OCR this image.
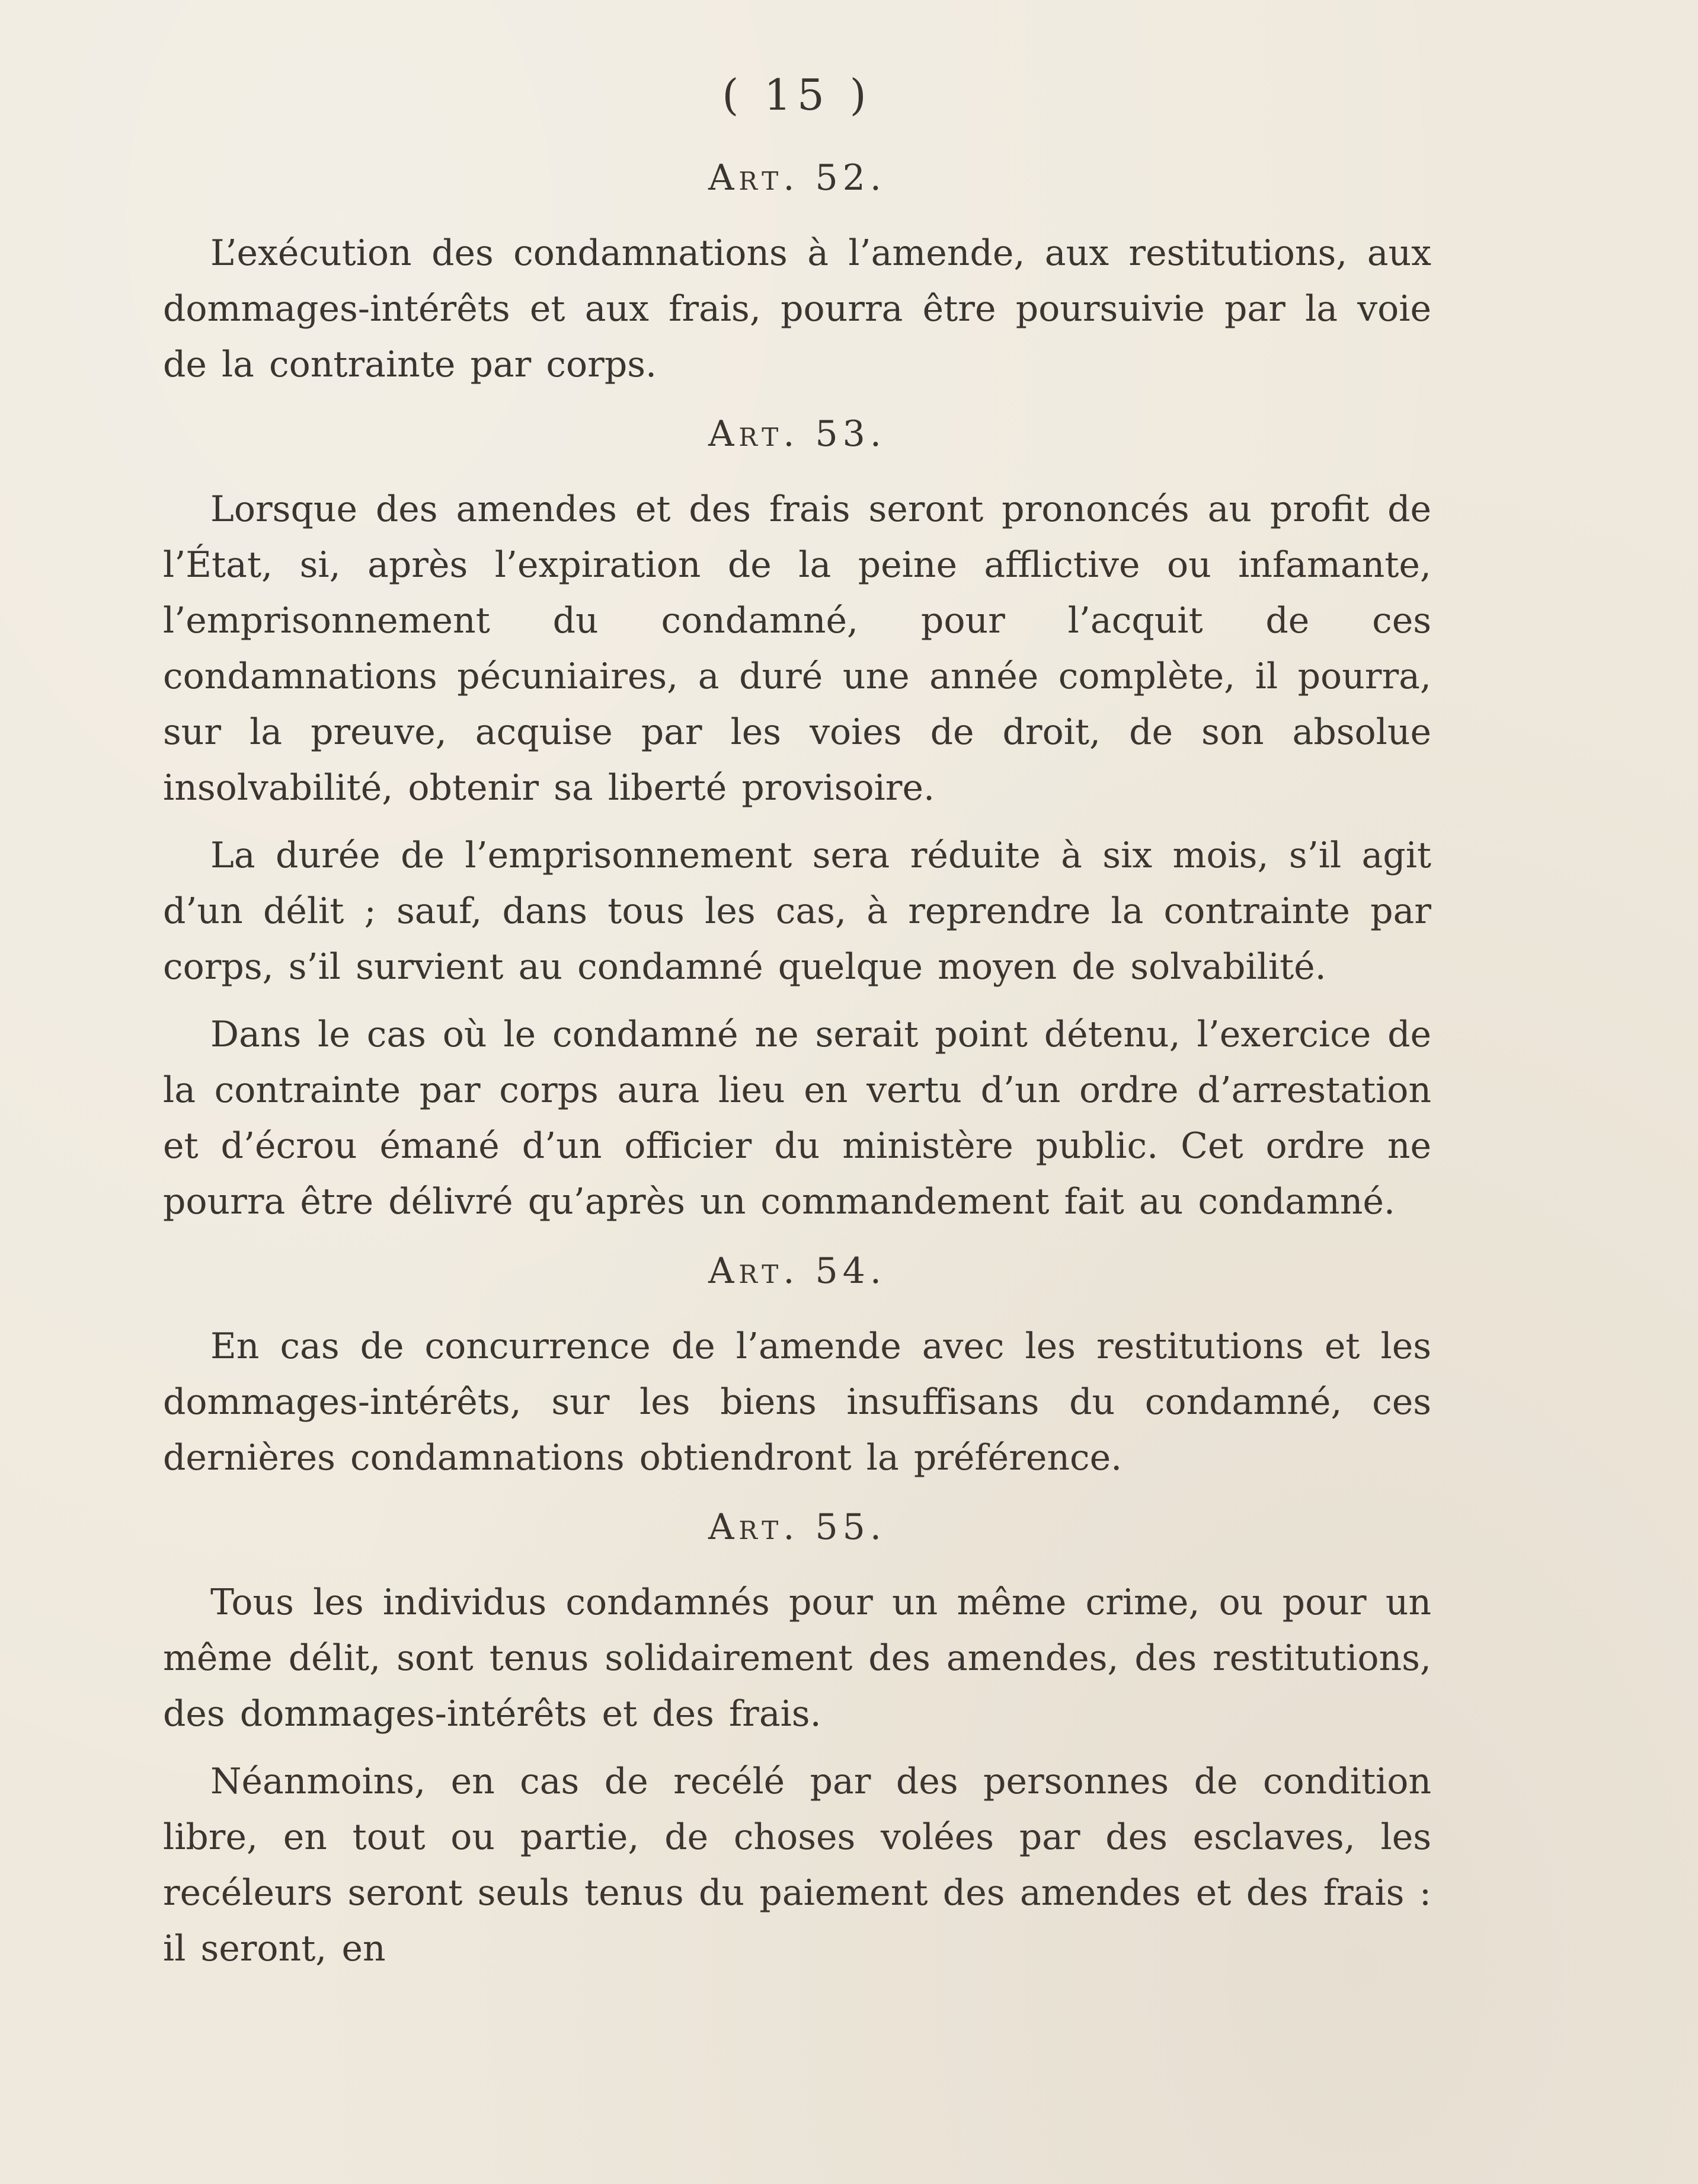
( 15 )
Art. 52.

L’exécution des condamnations à l’amende, aux restitutions, aux dommages-intérêts et aux frais, pourra être poursuivie par la voie de la contrainte par corps.

Art. 53.

Lorsque des amendes et des frais seront prononcés au profit de l’État, si, après l’expiration de la peine afflictive ou infamante, l’emprisonnement du condamné, pour l’acquit de ces condamnations pécuniaires, a duré une année complète, il pourra, sur la preuve, acquise par les voies de droit, de son absolue insolvabilité, obtenir sa liberté provisoire.

La durée de l’emprisonnement sera réduite à six mois, s’il agit d’un délit ; sauf, dans tous les cas, à reprendre la contrainte par corps, s’il survient au condamné quelque moyen de solvabilité.

Dans le cas où le condamné ne serait point détenu, l’exercice de la contrainte par corps aura lieu en vertu d’un ordre d’arrestation et d’écrou émané d’un officier du ministère public. Cet ordre ne pourra être délivré qu’après un commandement fait au condamné.

Art. 54.

En cas de concurrence de l’amende avec les restitutions et les dommages-intérêts, sur les biens insuffisans du condamné, ces dernières condamnations obtiendront la préférence.

Art. 55.

Tous les individus condamnés pour un même crime, ou pour un même délit, sont tenus solidairement des amendes, des restitutions, des dommages-intérêts et des frais.

Néanmoins, en cas de recélé par des personnes de condition libre, en tout ou partie, de choses volées par des esclaves, les recéleurs seront seuls tenus du paiement des amendes et des frais : il seront, en
